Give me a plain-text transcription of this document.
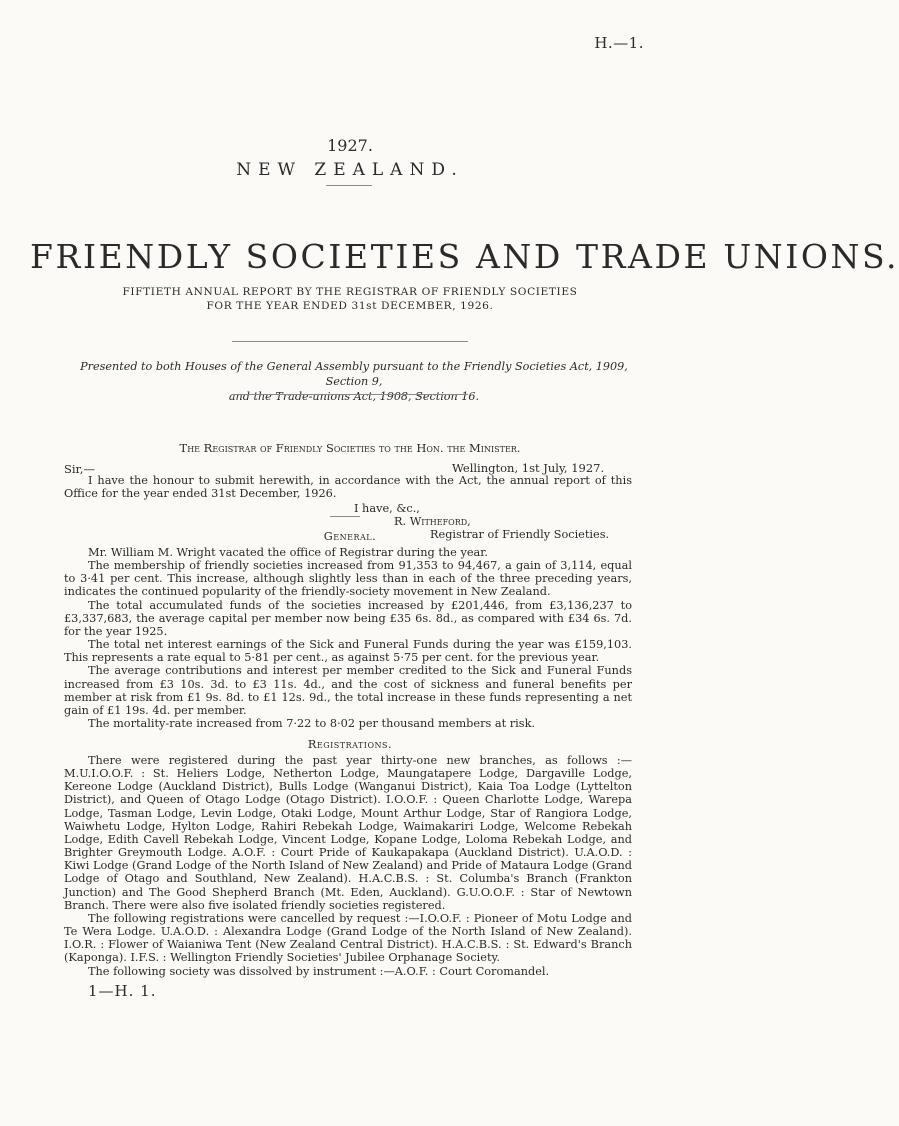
H.—1.
1927.
NEW ZEALAND.
FRIENDLY SOCIETIES AND TRADE UNIONS.
FIFTIETH ANNUAL REPORT BY THE REGISTRAR OF FRIENDLY SOCIETIES
FOR THE YEAR ENDED 31st DECEMBER, 1926.
Presented to both Houses of the General Assembly pursuant to the Friendly Societies Act, 1909, Section 9,
and the Trade-unions Act, 1908, Section 16.
The Registrar of Friendly Societies to the Hon. the Minister.
Sir,—	Wellington, 1st July, 1927.

I have the honour to submit herewith, in accordance with the Act, the annual report of this Office for the year ended 31st December, 1926.

I have, &c.,
R. Witheford,
Registrar of Friendly Societies.
General.

Mr. William M. Wright vacated the office of Registrar during the year.

The membership of friendly societies increased from 91,353 to 94,467, a gain of 3,114, equal to 3·41 per cent. This increase, although slightly less than in each of the three preceding years, indicates the continued popularity of the friendly-society movement in New Zealand.

The total accumulated funds of the societies increased by £201,446, from £3,136,237 to £3,337,683, the average capital per member now being £35 6s. 8d., as compared with £34 6s. 7d. for the year 1925.

The total net interest earnings of the Sick and Funeral Funds during the year was £159,103. This represents a rate equal to 5·81 per cent., as against 5·75 per cent. for the previous year.

The average contributions and interest per member credited to the Sick and Funeral Funds increased from £3 10s. 3d. to £3 11s. 4d., and the cost of sickness and funeral benefits per member at risk from £1 9s. 8d. to £1 12s. 9d., the total increase in these funds representing a net gain of £1 19s. 4d. per member.

The mortality-rate increased from 7·22 to 8·02 per thousand members at risk.

Registrations.

There were registered during the past year thirty-one new branches, as follows :—M.U.I.O.O.F. : St. Heliers Lodge, Netherton Lodge, Maungatapere Lodge, Dargaville Lodge, Kereone Lodge (Auckland District), Bulls Lodge (Wanganui District), Kaia Toa Lodge (Lyttelton District), and Queen of Otago Lodge (Otago District). I.O.O.F. : Queen Charlotte Lodge, Warepa Lodge, Tasman Lodge, Levin Lodge, Otaki Lodge, Mount Arthur Lodge, Star of Rangiora Lodge, Waiwhetu Lodge, Hylton Lodge, Rahiri Rebekah Lodge, Waimakariri Lodge, Welcome Rebekah Lodge, Edith Cavell Rebekah Lodge, Vincent Lodge, Kopane Lodge, Loloma Rebekah Lodge, and Brighter Greymouth Lodge. A.O.F. : Court Pride of Kaukapakapa (Auckland District). U.A.O.D. : Kiwi Lodge (Grand Lodge of the North Island of New Zealand) and Pride of Mataura Lodge (Grand Lodge of Otago and Southland, New Zealand). H.A.C.B.S. : St. Columba's Branch (Frankton Junction) and The Good Shepherd Branch (Mt. Eden, Auckland). G.U.O.O.F. : Star of Newtown Branch. There were also five isolated friendly societies registered.

The following registrations were cancelled by request :—I.O.O.F. : Pioneer of Motu Lodge and Te Wera Lodge. U.A.O.D. : Alexandra Lodge (Grand Lodge of the North Island of New Zealand). I.O.R. : Flower of Waianiwa Tent (New Zealand Central District). H.A.C.B.S. : St. Edward's Branch (Kaponga). I.F.S. : Wellington Friendly Societies' Jubilee Orphanage Society.

The following society was dissolved by instrument :—A.O.F. : Court Coromandel.

1—H. 1.
